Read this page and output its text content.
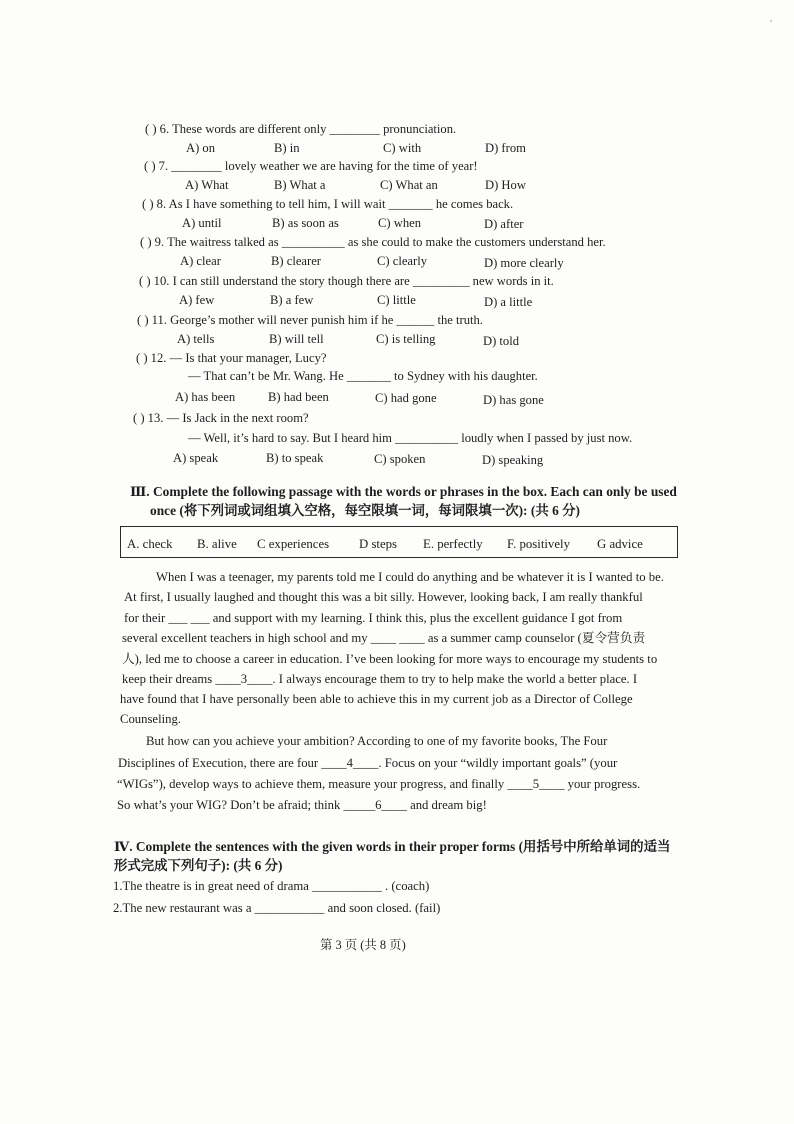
( ) 6. These words are different only ________ pronunciation.
A) on	B) in	C) with	D) from
( ) 7. ________ lovely weather we are having for the time of year!
A) What	B) What a	C) What an	D) How
( ) 8. As I have something to tell him, I will wait _______ he comes back.
A) until	B) as soon as	C) when	D) after
( ) 9. The waitress talked as __________ as she could to make the customers understand her.
A) clear	B) clearer	C) clearly	D) more clearly
( ) 10. I can still understand the story though there are _________ new words in it.
A) few	B) a few	C) little	D) a little
( ) 11. George’s mother will never punish him if he ______ the truth.
A) tells	B) will tell	C) is telling	D) told
( ) 12. — Is that your manager, Lucy?
— That can’t be Mr. Wang. He _______ to Sydney with his daughter.
A) has been	B) had been	C) had gone	D) has gone
( ) 13. — Is Jack in the next room?
— Well, it’s hard to say. But I heard him __________ loudly when I passed by just now.
A) speak	B) to speak	C) spoken	D) speaking
Ⅲ. Complete the following passage with the words or phrases in the box. Each can only be used
once (将下列词或词组填入空格，每空限填一词，每词限填一次): (共 6 分)
A. check B. alive C experiences D steps E. perfectly F. positively G advice
When I was a teenager, my parents told me I could do anything and be whatever it is I wanted to be.
At first, I usually laughed and thought this was a bit silly. However, looking back, I am really thankful
for their ___ ___ and support with my learning. I think this, plus the excellent guidance I got from
several excellent teachers in high school and my ____ ____ as a summer camp counselor (夏令营负责
人), led me to choose a career in education. I’ve been looking for more ways to encourage my students to
keep their dreams ____3____. I always encourage them to try to help make the world a better place. I
have found that I have personally been able to achieve this in my current job as a Director of College
Counseling.
But how can you achieve your ambition? According to one of my favorite books, The Four
Disciplines of Execution, there are four ____4____. Focus on your “wildly important goals” (your
“WIGs”), develop ways to achieve them, measure your progress, and finally ____5____ your progress.
So what’s your WIG? Don’t be afraid; think _____6____ and dream big!
Ⅳ. Complete the sentences with the given words in their proper forms (用括号中所给单词的适当
形式完成下列句子): (共 6 分)
1.The theatre is in great need of drama ___________ . (coach)
2.The new restaurant was a ___________ and soon closed. (fail)
第 3 页 (共 8 页)
